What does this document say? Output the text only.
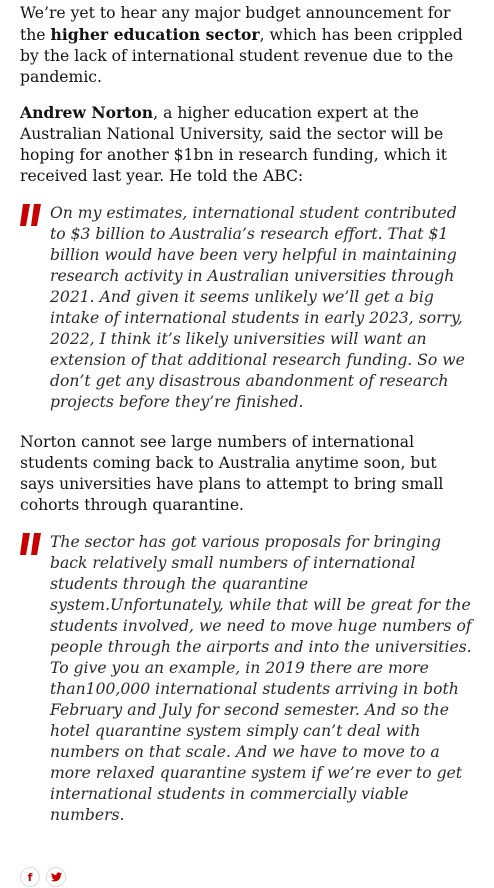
We’re yet to hear any major budget announcement for the higher education sector, which has been crippled by the lack of international student revenue due to the pandemic.

Andrew Norton, a higher education expert at the Australian National University, said the sector will be hoping for another $1bn in research funding, which it received last year. He told the ABC:

On my estimates, international student contributed to $3 billion to Australia’s research effort. That $1 billion would have been very helpful in maintaining research activity in Australian universities through 2021. And given it seems unlikely we’ll get a big intake of international students in early 2023, sorry, 2022, I think it’s likely universities will want an extension of that additional research funding. So we don’t get any disastrous abandonment of research projects before they’re finished.

Norton cannot see large numbers of international students coming back to Australia anytime soon, but says universities have plans to attempt to bring small cohorts through quarantine.

The sector has got various proposals for bringing back relatively small numbers of international students through the quarantine system.Unfortunately, while that will be great for the students involved, we need to move huge numbers of people through the airports and into the universities. To give you an example, in 2019 there are more than100,000 international students arriving in both February and July for second semester. And so the hotel quarantine system simply can’t deal with numbers on that scale. And we have to move to a more relaxed quarantine system if we’re ever to get international students in commercially viable numbers.

f
